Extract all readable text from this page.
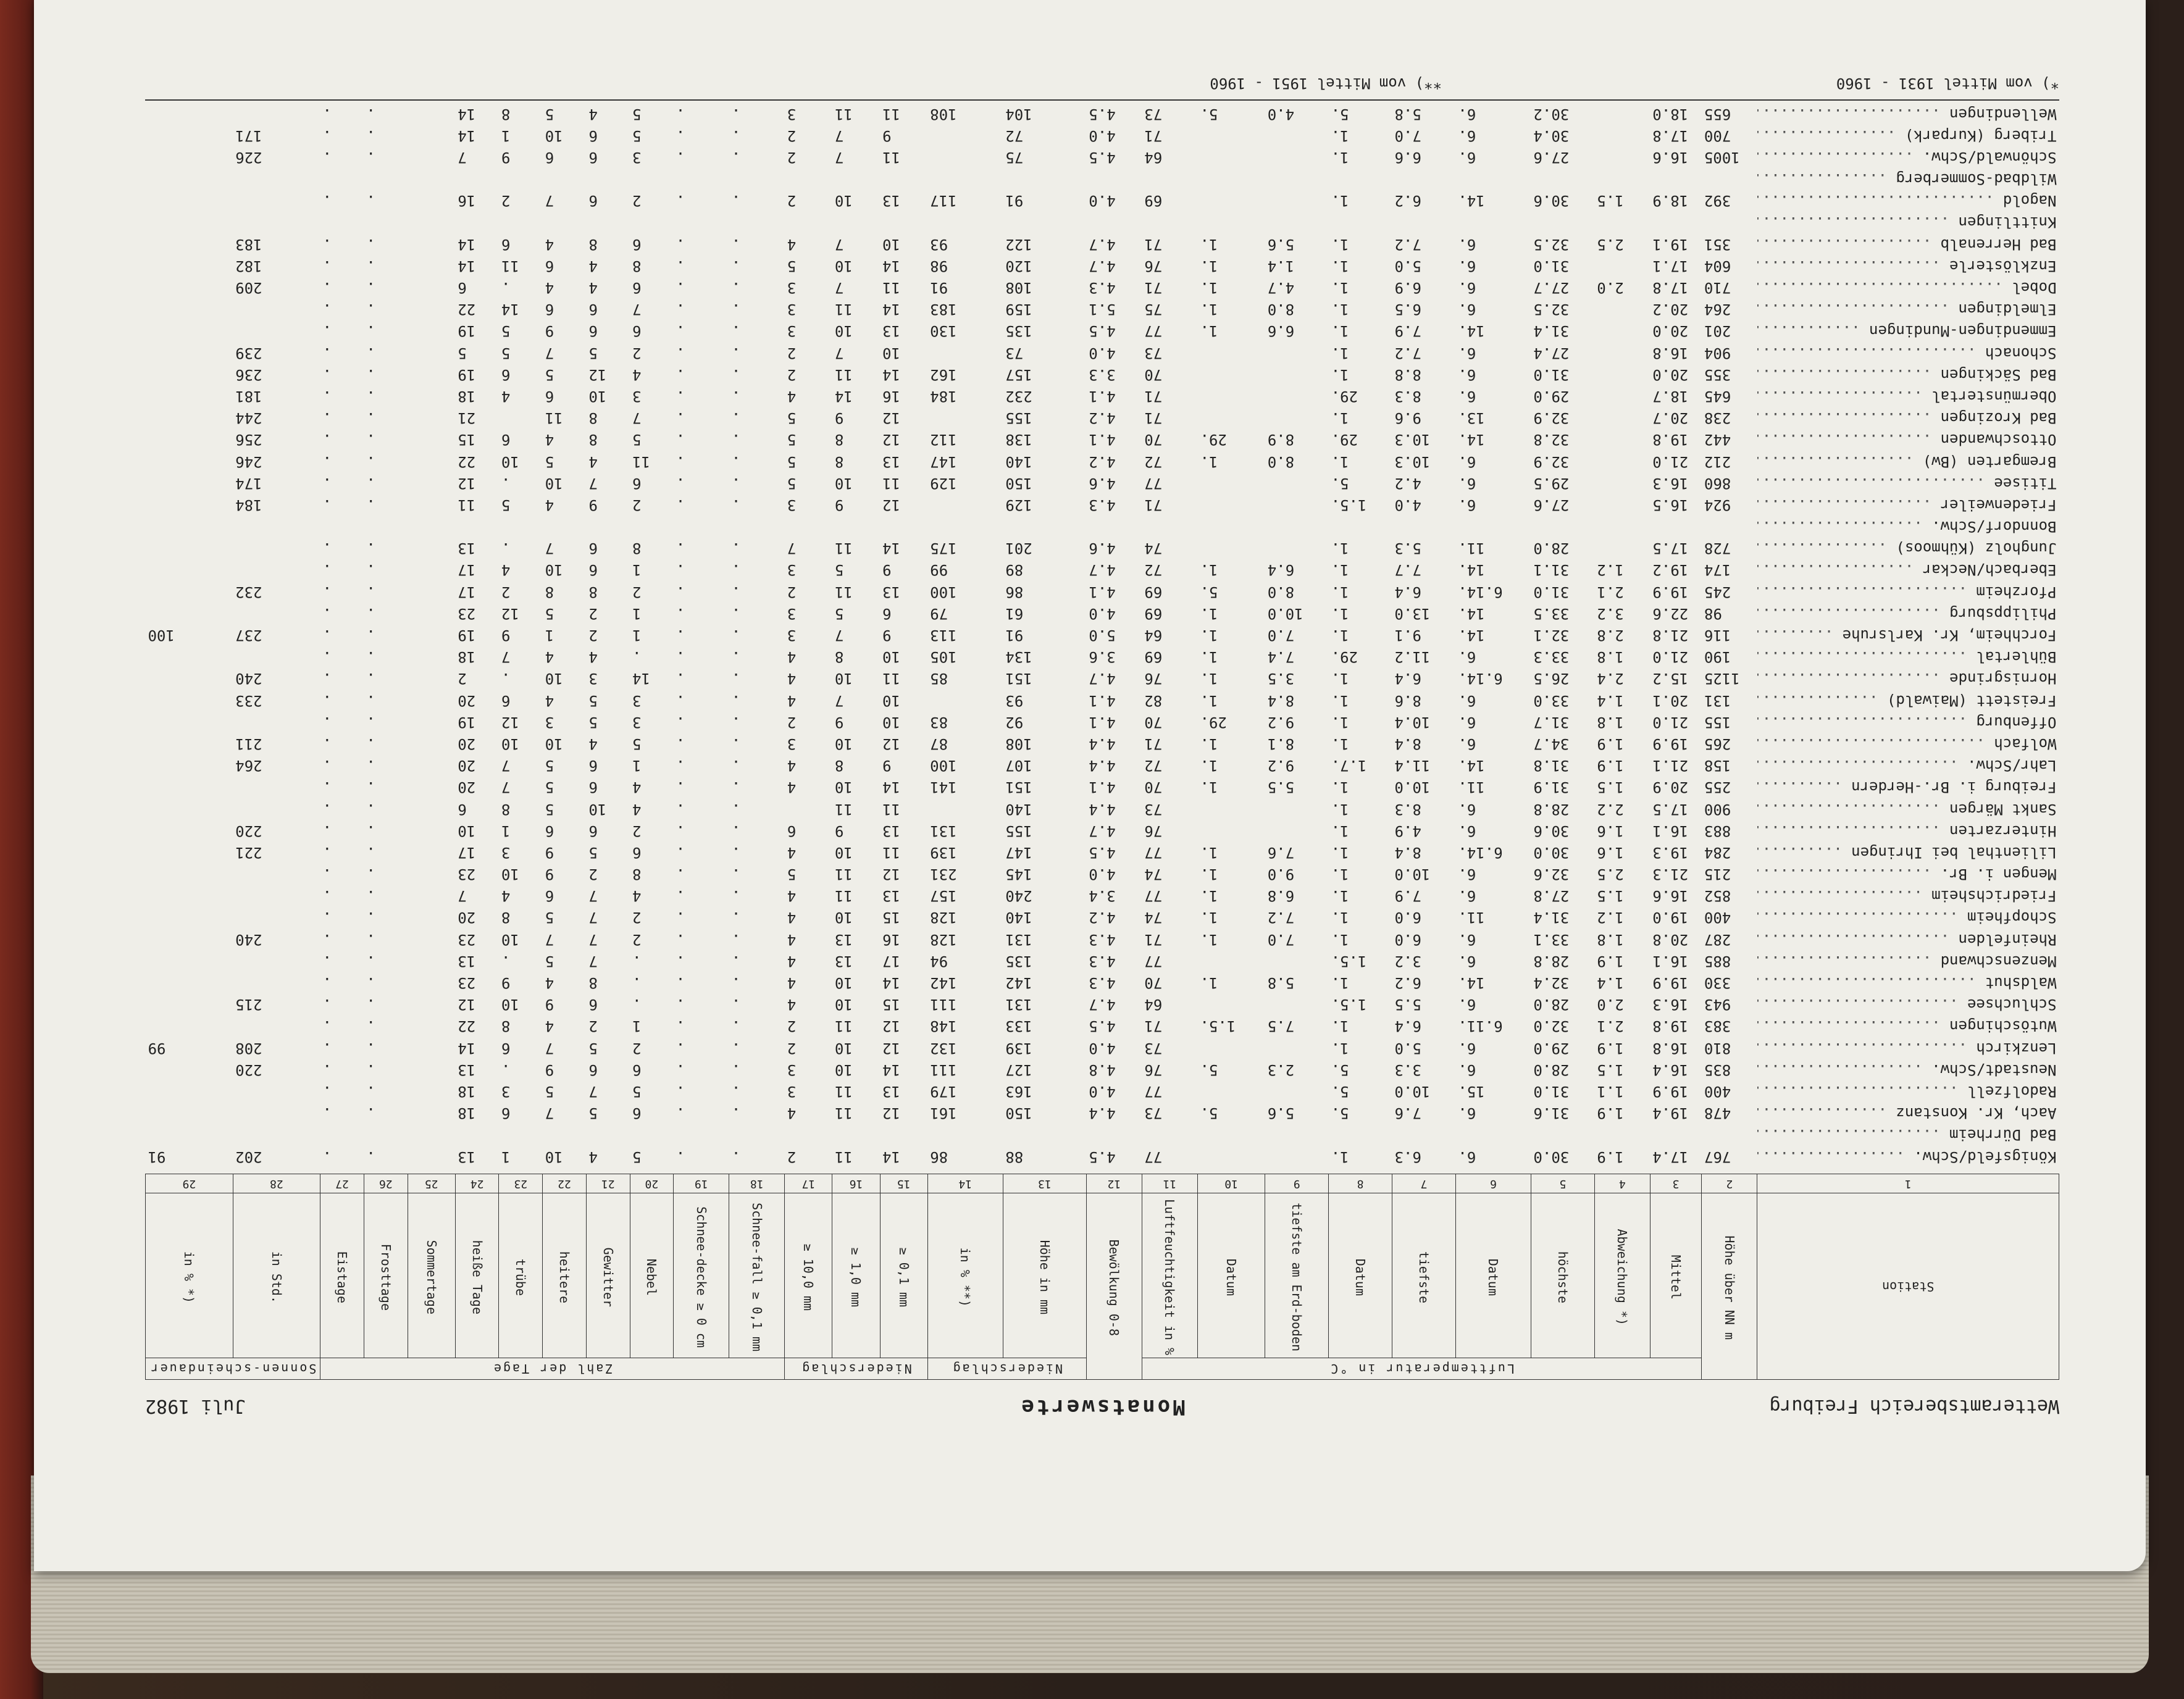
Wetteramtsbereich Freiburg
Monatswerte
Juli 1982
Station	Höhe über NN m	Lufttemperatur in °C									Bewölkung 0-8	Niederschlag		Niederschlag			Zahl der Tage										Sonnen-scheindauer	
		Mittel	Abweichung *)	höchste	Datum	tiefste	Datum	tiefste am Erd-boden	Datum	Luftfeuchtigkeit in %		Höhe in mm	in % **)	≥ 0,1 mm	≥ 1,0 mm	≥ 10,0 mm	Schnee-fall ≥ 0,1 mm	Schnee-decke ≥ 0 cm	Nebel	Gewitter	heitere	trübe	heiße Tage	Sommertage	Frosttage	Eistage	in Std.	in % *)
1	2	3	4	5	6	7	8	9	10	11	12	13	14	15	16	17	18	19	20	21	22	23	24	25	26	27	28	29
Königsfeld/Schw. .....	767	17.4	1.9	30.0	6.	6.3	1.			77	4.5	88	86	14	11	2	.	.	5	4	10	1	13		.	.	202	91
Bad Dürrheim .....																												
Aach, Kr. Konstanz .....	478	19.4	1.9	31.6	6.	7.6	5.	5.6	5.	73	4.4	150	161	12	11	4	.	.	6	5	7	6	18		.	.		
Radolfzell .....	400	19.9	1.1	31.0	15.	10.0	5.			77	4.0	163	179	13	11	3	.	.	5	7	5	3	18		.	.		
Neustadt/Schw. .....	835	16.4	1.5	28.0	6.	3.3	5.	2.3	5.	76	4.8	127	111	14	10	3	.	.	6	6	9	.	13		.	.	220	
Lenzkirch .....	810	16.8	1.9	29.0	6.	5.0	1.			73	4.0	139	132	12	10	2	.	.	2	5	7	6	14		.	.	208	99
Wutöschingen .....	383	19.8	2.1	32.0	6.11.	6.4	1.	7.5	1.5.	71	4.5	133	148	12	11	2	.	.	1	2	4	8	22		.	.		
Schluchsee .....	943	16.3	2.0	28.0	6.	5.5	1.5.			64	4.7	131	111	15	10	4	.	.	.	6	9	10	12		.	.	215	
Waldshut .....	330	19.9	1.4	32.4	14.	6.2	1.	5.8	1.	70	4.3	142	142	14	10	4	.	.	.	8	4	9	23		.	.		
Menzenschwand .....	885	16.1	1.9	28.8	6.	3.2	1.5.			77	4.3	135	94	17	13	4	.	.	.	7	5	.	13		.	.		
Rheinfelden .....	287	20.8	1.8	33.1	6.	6.0	1.	7.0	1.	71	4.3	131	128	16	13	4	.	.	2	7	7	10	23		.	.	240	
Schopfheim .....	400	19.0	1.2	31.4	11.	6.0	1.	7.2	1.	74	4.2	140	128	15	10	4	.	.	2	7	5	8	20		.	.		
Friedrichsheim .....	852	16.6	1.5	27.8	6.	7.9	1.	6.8	1.	77	3.4	240	157	13	11	4	.	.	4	7	6	4	7		.	.		
Mengen i. Br. .....	215	21.3	2.5	32.6	6.	10.0	1.	9.0	1.	74	4.0	145	231	12	11	5	.	.	8	2	9	10	23		.	.		
Lilienthal bei Ihringen .....	284	19.3	1.6	30.0	6.14.	8.4	1.	7.6	1.	77	4.5	147	139	11	10	4	.	.	6	5	9	3	17		.	.	221	
Hinterzarten .....	883	16.1	1.6	30.6	6.	4.9	1.			76	4.7	155	131	13	9	6	.	.	2	6	6	1	10		.	.	220	
Sankt Märgen .....	900	17.5	2.2	28.8	6.	8.3	1.			73	4.4	140		11	11		.	.	4	10	5	8	6		.	.		
Freiburg i. Br.-Herdern .....	255	20.9	1.5	31.9	11.	10.0	1.	5.5	1.	70	4.1	151	141	14	10	4	.	.	4	6	5	7	20		.	.		
Lahr/Schw. .....	158	21.1	1.9	31.8	14.	11.4	1.7.	9.2	1.	72	4.4	107	100	9	8	4	.	.	1	6	5	7	20		.	.	264	
Wolfach .....	265	19.9	1.9	34.7	6.	8.4	1.	8.1	1.	71	4.4	108	87	12	10	3	.	.	5	4	10	10	20		.	.	211	
Offenburg .....	155	21.0	1.8	31.7	6.	10.4	1.	9.2	29.	70	4.1	92	83	10	9	2	.	.	3	5	3	12	19		.	.		
Freistett (Maiwald) .....	131	20.1	1.4	33.0	6.	8.6	1.	8.4	1.	82	4.1	93		10	7	4	.	.	3	5	4	6	20		.	.	233	
Hornisgrinde .....	1125	15.2	2.4	26.5	6.14.	6.4	1.	3.5	1.	76	4.7	151	85	11	10	4	.	.	14	3	10	.	2		.	.	240	
Bühlertal .....	190	21.0	1.8	33.3	6.	11.2	29.	7.4	1.	69	3.6	134	105	10	8	4	.	.	.	4	4	7	18		.	.		
Forchheim, Kr. Karlsruhe .....	116	21.8	2.8	32.1	14.	9.1	1.	7.0	1.	64	5.0	91	113	9	7	3	.	.	1	2	1	9	19		.	.	237	100
Philippsburg .....	98	22.6	3.2	33.5	14.	13.0	1.	10.0	1.	69	4.0	61	79	6	5	3	.	.	1	2	5	12	23		.	.		
Pforzheim .....	245	19.9	2.1	31.0	6.14.	6.4	1.	8.0	5.	69	4.1	86	100	13	11	2	.	.	2	8	8	2	17		.	.	232	
Eberbach/Neckar .....	174	19.2	1.2	31.1	14.	7.7	1.	6.4	1.	72	4.7	89	99	9	5	3	.	.	1	6	10	4	17		.	.		
Jungholz (Kühmoos) .....	728	17.5		28.0	11.	5.3	1.			74	4.6	201	175	14	11	7	.	.	8	6	7	.	13		.	.		
Bonndorf/Schw. .....																												
Friedenweiler .....	924	16.5		27.6	6.	4.0	1.5.			71	4.3	129		12	9	3	.	.	2	9	4	5	11		.	.	184	
Titisee .....	860	16.3		29.5	6.	4.2	5.			77	4.6	150	129	11	10	5	.	.	6	7	10	.	12		.	.	174	
Bremgarten (Bw) .....	212	21.0		32.9	6.	10.3	1.	8.0	1.	72	4.2	140	147	13	8	5	.	.	11	4	5	10	22		.	.	246	
Ottoschwanden .....	442	19.8		32.8	14.	10.3	29.	8.9	29.	70	4.1	138	112	12	8	5	.	.	5	8	4	6	15		.	.	256	
Bad Krozingen .....	238	20.7		32.9	13.	9.6	1.			71	4.2	155		12	9	5	.	.	7	8	11		21		.	.	244	
Obermünstertal .....	645	18.7		29.0	6.	8.3	29.			71	4.1	232	184	16	14	4	.	.	3	10	6	4	18		.	.	181	
Bad Säckingen .....	355	20.0		31.0	6.	8.8	1.			70	3.3	157	162	14	11	2	.	.	4	12	5	6	19		.	.	236	
Schonach .....	904	16.8		27.4	6.	7.2	1.			73	4.0	73		10	7	2	.	.	2	5	7	5	5		.	.	239	
Emmendingen-Mundingen .....	201	20.0		31.4	14.	7.9	1.	6.6	1.	77	4.5	135	130	13	10	3	.	.	6	6	9	5	19		.	.		
Elmeldingen .....	264	20.2		32.5	6.	6.5	1.	8.0	1.	75	5.1	159	183	14	11	3	.	.	7	6	6	14	22		.	.		
Dobel .....	710	17.8	2.0	27.7	6.	6.9	1.	4.7	1.	71	4.3	108	91	11	7	3	.	.	6	4	4	.	6		.	.	209	
Enzklösterle .....	604	17.1		31.0	6.	5.0	1.	1.4	1.	76	4.7	120	98	14	10	5	.	.	8	4	6	11	14		.	.	182	
Bad Herrenalb .....	351	19.1	2.5	32.5	6.	7.2	1.	5.6	1.	71	4.7	122	93	10	7	4	.	.	6	8	4	6	14		.	.	183	
Knittlingen .....																												
Nagold .....	392	18.9	1.5	30.6	14.	6.2	1.			69	4.0	91	117	13	10	2	.	.	2	6	7	2	16		.	.		
Wildbad-Sommerberg .....																												
Schönwald/Schw. .....	1005	16.6		27.6	6.	6.6	1.			64	4.5	75		11	7	2	.	.	3	6	6	9	7		.	.	226	
Triberg (Kurpark) .....	700	17.8		30.4	6.	7.0	1.			71	4.0	72		9	7	2	.	.	5	6	10	1	14		.	.	171	
Wellendingen .....	655	18.0		30.2	6.	5.8	5.	4.0	5.	73	4.5	104	108	11	11	3	.	.	5	4	5	8	14		.	.		
*) vom Mittel 1931 - 1960
**) vom Mittel 1951 - 1960
